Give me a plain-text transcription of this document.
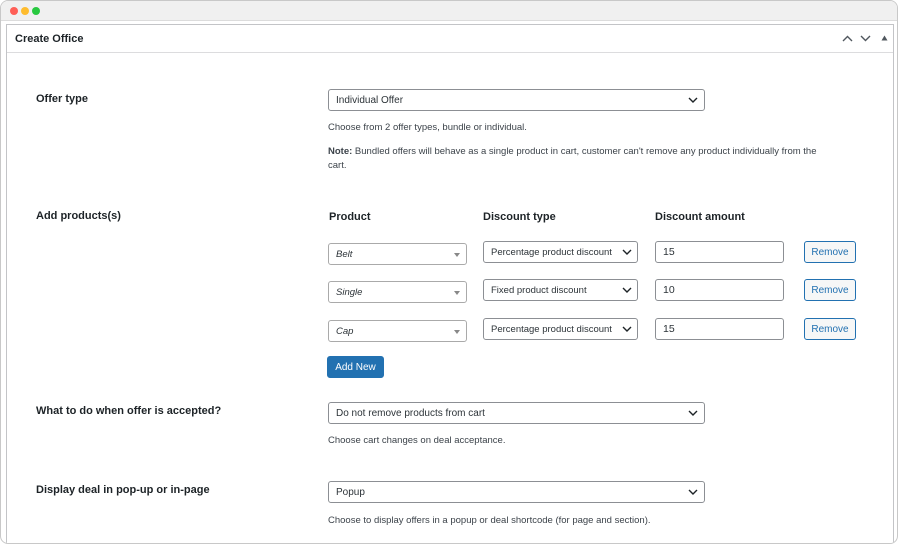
Create Office
Offer type	Individual Offer
Choose from 2 offer types, bundle or individual.
Note: Bundled offers will behave as a single product in cart, customer can't remove any product individually from the
cart.
Add products(s)	Product	Discount type	Discount amount
Belt	Percentage product discount	15	Remove
Single	Fixed product discount	10	Remove
Cap	Percentage product discount	15	Remove
Add New
What to do when offer is accepted?	Do not remove products from cart
Choose cart changes on deal acceptance.
Display deal in pop-up or in-page	Popup
Choose to display offers in a popup or deal shortcode (for page and section).
